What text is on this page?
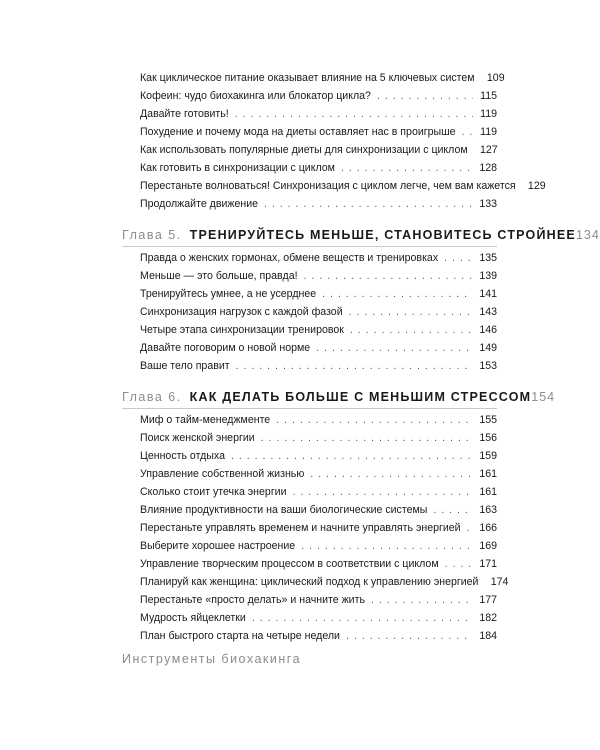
Как цикличеcкое питание оказывает влияние на 5 ключевых систем 109
Кофеин: чудо биохакинга или блокатор цикла? . . .	115
Давайте готовить! . . .	119
Похудение и почему мода на диеты оставляет нас в проигрыше . . . 119
Как использовать популярные диеты для синхронизации с циклом 127
Как готовить в синхронизации с циклом . . .	128
Перестаньте волноваться! Синхронизация с циклом легче, чем вам кажется 129
Продолжайте движение . . .	133
Глава 5. ТРЕНИРУЙТЕСЬ МЕНЬШЕ, СТАНОВИТЕСЬ СТРОЙНЕЕ 134
Правда о женских гормонах, обмене веществ и тренировках . . .	135
Меньше — это больше, правда! . . .	139
Тренируйтесь умнее, а не усерднее . . .	141
Синхронизация нагрузок с каждой фазой . . .	143
Четыре этапа синхронизации тренировок . . .	146
Давайте поговорим о новой норме . . .	149
Ваше тело правит . . .	153
Глава 6. КАК ДЕЛАТЬ БОЛЬШЕ С МЕНЬШИМ СТРЕССОМ 154
Миф о тайм-менеджменте . . .	155
Поиск женской энергии . . .	156
Ценность отдыха . . .	159
Управление собственной жизнью . . .	161
Сколько стоит утечка энергии . . .	161
Влияние продуктивности на ваши биологические системы . . .	163
Перестаньте управлять временем и начните управлять энергией . . . 166
Выберите хорошее настроение . . .	169
Управление творческим процессом в соответствии с циклом . . .	171
Планируй как женщина: циклический подход к управлению энергией 174
Перестаньте «просто делать» и начните жить . . .	177
Мудрость яйцеклетки . . .	182
План быстрого старта на четыре недели . . .	184
Инструменты биохакинга
